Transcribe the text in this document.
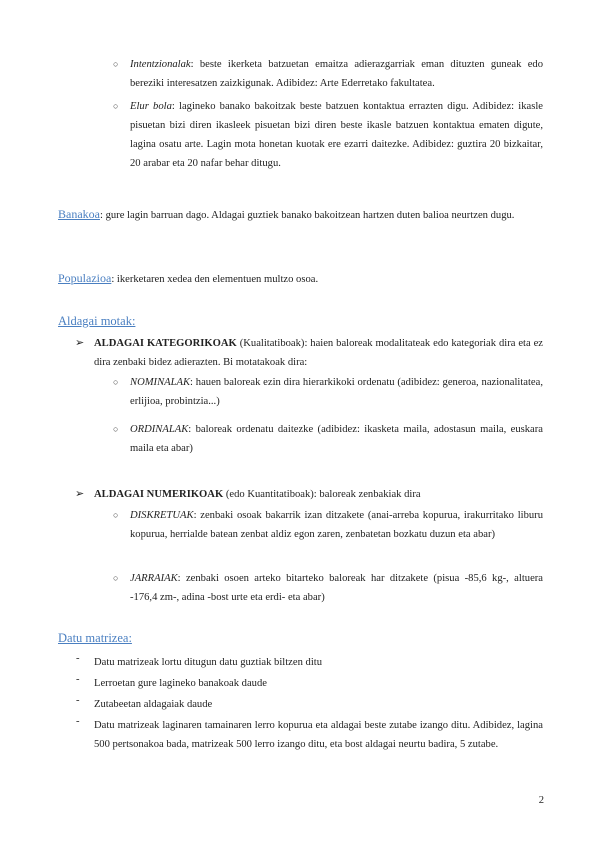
○ Intentzionalak: beste ikerketa batzuetan emaitza adierazgarriak eman dituzten guneak edo bereziki interesatzen zaizkigunak. Adibidez: Arte Ederretako fakultatea.

○ Elur bola: lagineko banako bakoitzak beste batzuen kontaktua errazten digu. Adibidez: ikasle pisuetan bizi diren ikasleek pisuetan bizi diren beste ikasle batzuen kontaktua ematen digute, lagina osatu arte. Lagin mota honetan kuotak ere ezarri daitezke. Adibidez: guztira 20 bizkaitar, 20 arabar eta 20 nafar behar ditugu.

Banakoa: gure lagin barruan dago. Aldagai guztiek banako bakoitzean hartzen duten balioa neurtzen dugu.

Populazioa: ikerketaren xedea den elementuen multzo osoa.

Aldagai motak:
➢ ALDAGAI KATEGORIKOAK (Kualitatiboak): haien baloreak modalitateak edo kategoriak dira eta ez dira zenbaki bidez adierazten. Bi motatakoak dira:

○ NOMINALAK: hauen baloreak ezin dira hierarkikoki ordenatu (adibidez: generoa, nazionalitatea, erlijioa, probintzia...)

○ ORDINALAK: baloreak ordenatu daitezke (adibidez: ikasketa maila, adostasun maila, euskara maila eta abar)

➢ ALDAGAI NUMERIKOAK (edo Kuantitatiboak): baloreak zenbakiak dira

○ DISKRETUAK: zenbaki osoak bakarrik izan ditzakete (anai-arreba kopurua, irakurritako liburu kopurua, herrialde batean zenbat aldiz egon zaren, zenbatetan bozkatu duzun eta abar)

○ JARRAIAK: zenbaki osoen arteko bitarteko baloreak har ditzakete (pisua -85,6 kg-, altuera -176,4 zm-, adina -bost urte eta erdi- eta abar)

Datu matrizea:
- Datu matrizeak lortu ditugun datu guztiak biltzen ditu

- Lerroetan gure lagineko banakoak daude

- Zutabeetan aldagaiak daude

- Datu matrizeak laginaren tamainaren lerro kopurua eta aldagai beste zutabe izango ditu. Adibidez, lagina 500 pertsonakoa bada, matrizeak 500 lerro izango ditu, eta bost aldagai neurtu badira, 5 zutabe.

2
